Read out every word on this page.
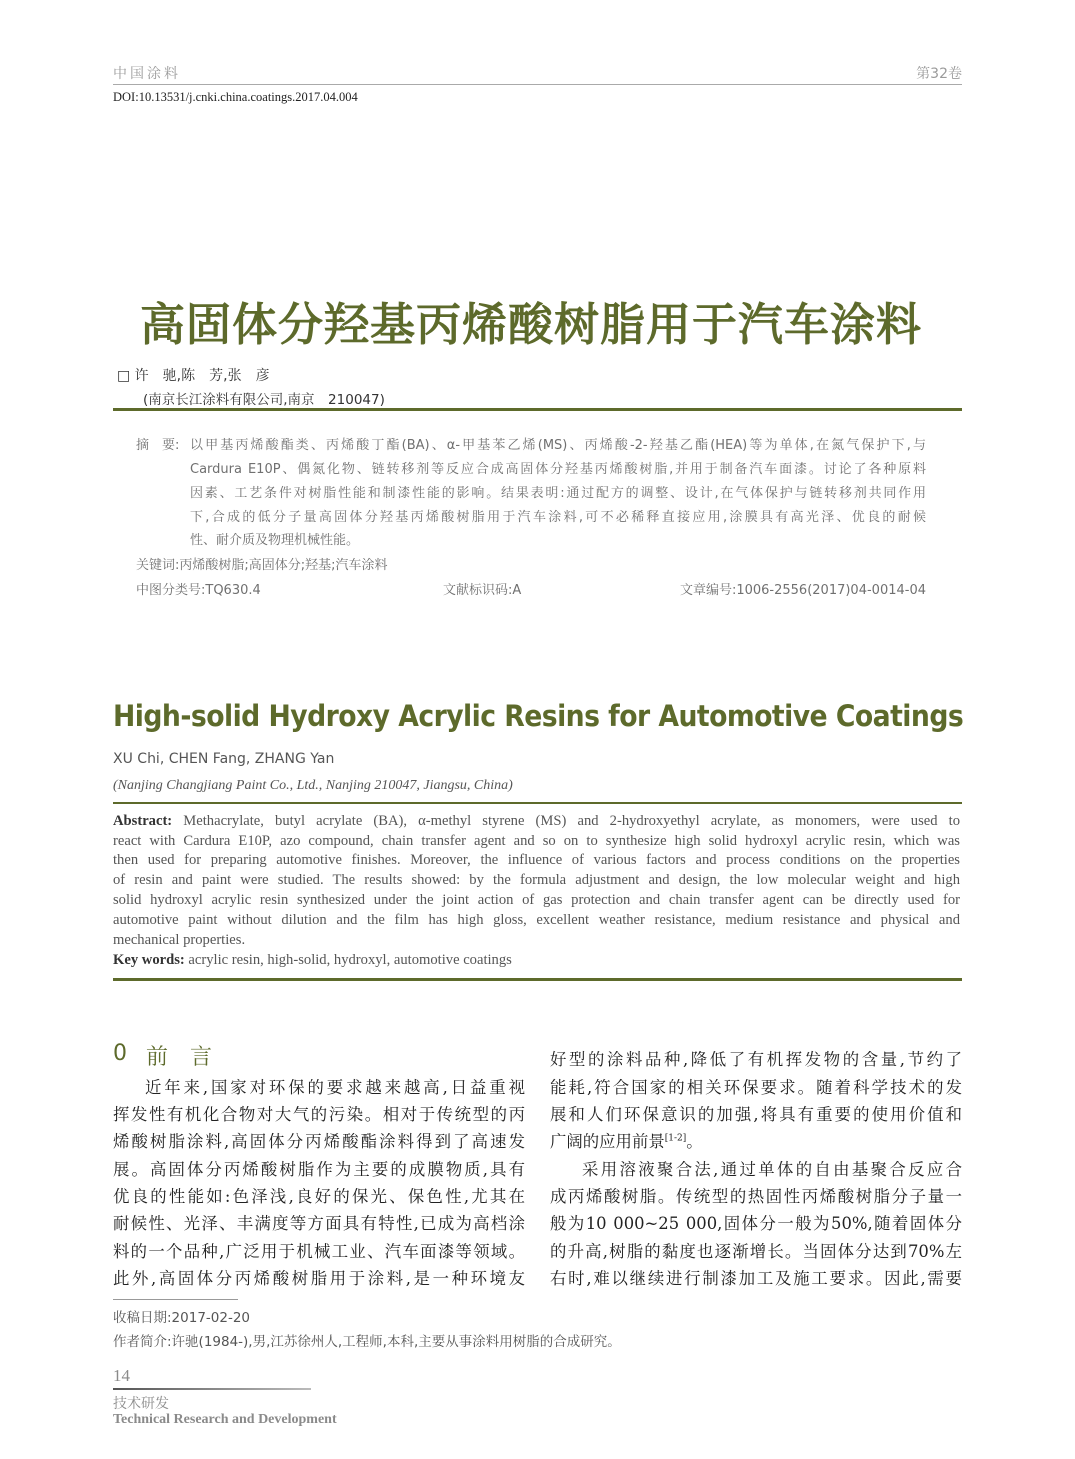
中国涂料	第32卷
DOI:10.13531/j.cnki.china.coatings.2017.04.004
高固体分羟基丙烯酸树脂用于汽车涂料
□ 许　驰,陈　芳,张　彦
(南京长江涂料有限公司,南京　210047)
摘　要: 以甲基丙烯酸酯类、丙烯酸丁酯(BA)、α-甲基苯乙烯(MS)、丙烯酸-2-羟基乙酯(HEA)等为单体,在氮气保护下,与
Cardura E10P、偶氮化物、链转移剂等反应合成高固体分羟基丙烯酸树脂,并用于制备汽车面漆。讨论了各种原料
因素、工艺条件对树脂性能和制漆性能的影响。结果表明:通过配方的调整、设计,在气体保护与链转移剂共同作用
下,合成的低分子量高固体分羟基丙烯酸树脂用于汽车涂料,可不必稀释直接应用,涂膜具有高光泽、优良的耐候
性、耐介质及物理机械性能。
关键词:丙烯酸树脂;高固体分;羟基;汽车涂料
中图分类号:TQ630.4	文献标识码:A	文章编号:1006-2556(2017)04-0014-04
High-solid Hydroxy Acrylic Resins for Automotive Coatings
XU Chi, CHEN Fang, ZHANG Yan
(Nanjing Changjiang Paint Co., Ltd., Nanjing 210047, Jiangsu, China)
Abstract: Methacrylate, butyl acrylate (BA), α-methyl styrene (MS) and 2-hydroxyethyl acrylate, as monomers, were used to
react with Cardura E10P, azo compound, chain transfer agent and so on to synthesize high solid hydroxyl acrylic resin, which was
then used for preparing automotive finishes. Moreover, the influence of various factors and process conditions on the properties
of resin and paint were studied. The results showed: by the formula adjustment and design, the low molecular weight and high
solid hydroxyl acrylic resin synthesized under the joint action of gas protection and chain transfer agent can be directly used for
automotive paint without dilution and the film has high gloss, excellent weather resistance, medium resistance and physical and
mechanical properties.
Key words: acrylic resin, high-solid, hydroxyl, automotive coatings
0 前　言
近年来,国家对环保的要求越来越高,日益重视
挥发性有机化合物对大气的污染。相对于传统型的丙
烯酸树脂涂料,高固体分丙烯酸酯涂料得到了高速发
展。高固体分丙烯酸树脂作为主要的成膜物质,具有
优良的性能如:色泽浅,良好的保光、保色性,尤其在
耐候性、光泽、丰满度等方面具有特性,已成为高档涂
料的一个品种,广泛用于机械工业、汽车面漆等领域。
此外,高固体分丙烯酸树脂用于涂料,是一种环境友
好型的涂料品种,降低了有机挥发物的含量,节约了
能耗,符合国家的相关环保要求。随着科学技术的发
展和人们环保意识的加强,将具有重要的使用价值和
广阔的应用前景[1-2]。
采用溶液聚合法,通过单体的自由基聚合反应合
成丙烯酸树脂。传统型的热固性丙烯酸树脂分子量一
般为10 000~25 000,固体分一般为50%,随着固体分
的升高,树脂的黏度也逐渐增长。当固体分达到70%左
右时,难以继续进行制漆加工及施工要求。因此,需要
收稿日期:2017-02-20
作者简介:许驰(1984-),男,江苏徐州人,工程师,本科,主要从事涂料用树脂的合成研究。
14
技术研发
Technical Research and Development
